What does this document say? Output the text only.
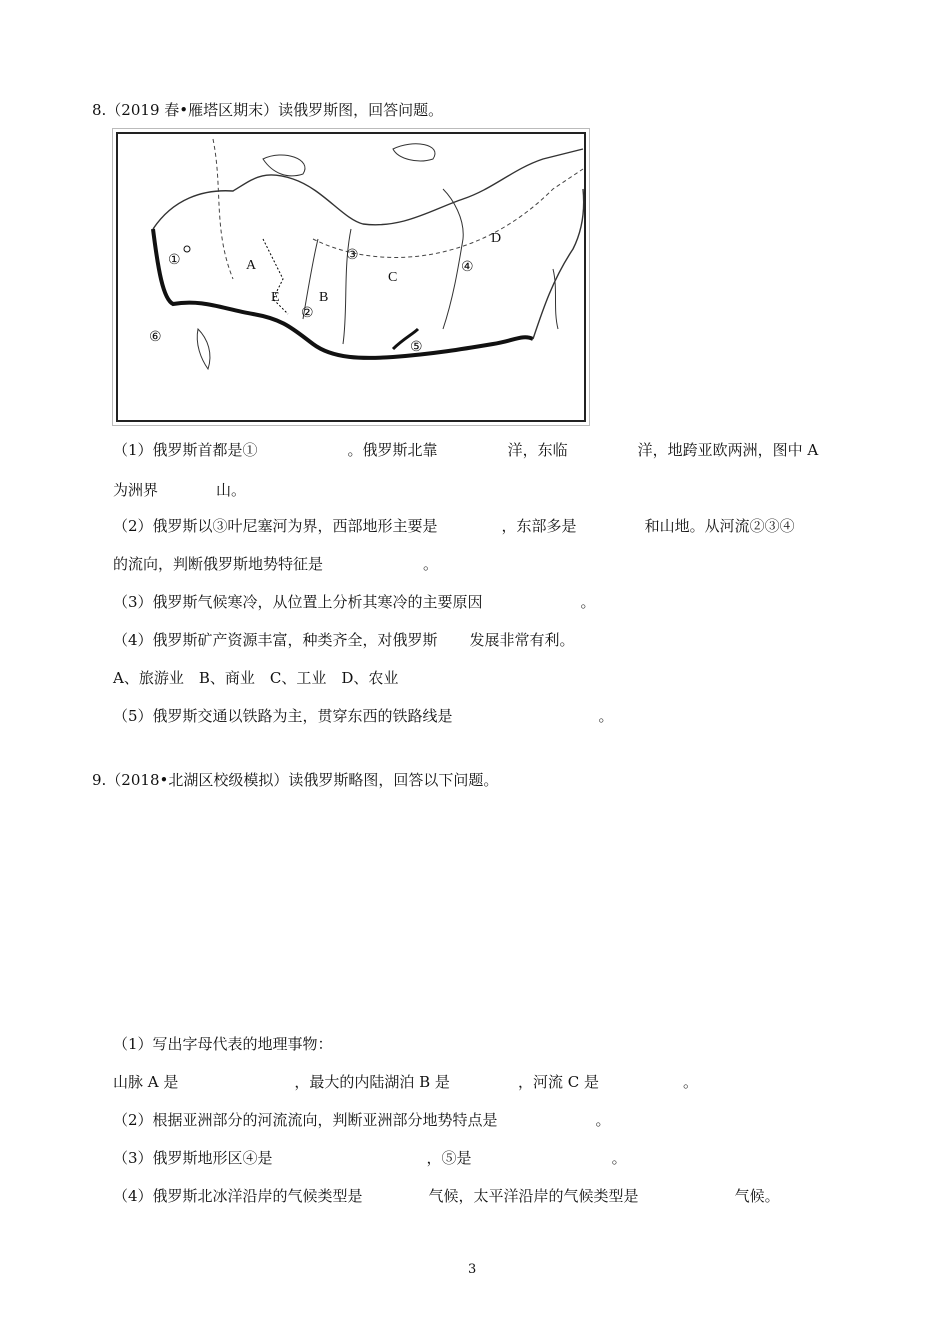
8.（2019 春•雁塔区期末）读俄罗斯图，回答问题。
A
B
C
D
E
①
②
③
④
⑤
⑥
（1）俄罗斯首都是①	。俄罗斯北靠	洋，东临	洋，地跨亚欧两洲，图中 A
为洲界	山。
（2）俄罗斯以③叶尼塞河为界，西部地形主要是	，东部多是	和山地。从河流②③④
的流向，判断俄罗斯地势特征是	。
（3）俄罗斯气候寒冷，从位置上分析其寒冷的主要原因	。
（4）俄罗斯矿产资源丰富，种类齐全，对俄罗斯 发展非常有利。
A、旅游业　B、商业　C、工业　D、农业
（5）俄罗斯交通以铁路为主，贯穿东西的铁路线是	。
9.（2018•北湖区校级模拟）读俄罗斯略图，回答以下问题。
（1）写出字母代表的地理事物：
山脉 A 是	，最大的内陆湖泊 B 是	，河流 C 是	。
（2）根据亚洲部分的河流流向，判断亚洲部分地势特点是	。
（3）俄罗斯地形区④是	，⑤是	。
（4）俄罗斯北冰洋沿岸的气候类型是	气候，太平洋沿岸的气候类型是	气候。
3
